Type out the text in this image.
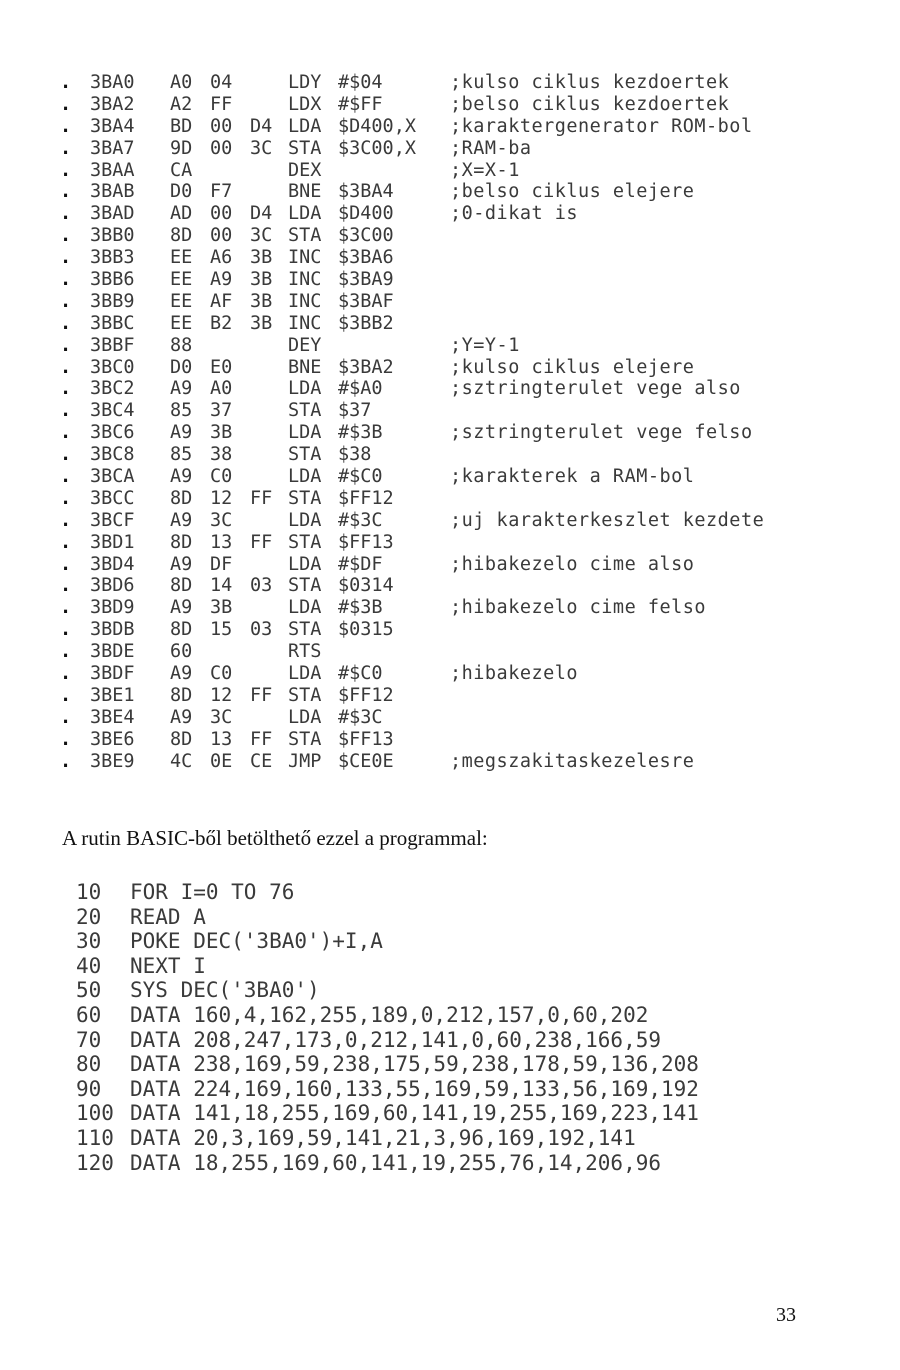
. 3BA0 A0 04	LDY #$04	;kulso ciklus kezdoertek
. 3BA2 A2 FF	LDX #$FF	;belso ciklus kezdoertek
. 3BA4 BD 00 D4 LDA $D400,X ;karaktergenerator ROM-bol
. 3BA7 9D 00 3C STA $3C00,X ;RAM-ba
. 3BAA CA	DEX	;X=X-1
. 3BAB D0 F7	BNE $3BA4	;belso ciklus elejere
. 3BAD AD 00 D4 LDA $D400	;0-dikat is
. 3BB0 8D 00 3C STA $3C00
. 3BB3 EE A6 3B INC $3BA6
. 3BB6 EE A9 3B INC $3BA9
. 3BB9 EE AF 3B INC $3BAF
. 3BBC EE B2 3B INC $3BB2
. 3BBF 88	DEY	;Y=Y-1
. 3BC0 D0 E0	BNE $3BA2	;kulso ciklus elejere
. 3BC2 A9 A0	LDA #$A0	;sztringterulet vege also
. 3BC4 85 37	STA $37
. 3BC6 A9 3B	LDA #$3B	;sztringterulet vege felso
. 3BC8 85 38	STA $38
. 3BCA A9 C0	LDA #$C0	;karakterek a RAM-bol
. 3BCC 8D 12 FF STA $FF12
. 3BCF A9 3C	LDA #$3C	;uj karakterkeszlet kezdete
. 3BD1 8D 13 FF STA $FF13
. 3BD4 A9 DF	LDA #$DF	;hibakezelo cime also
. 3BD6 8D 14 03 STA $0314
. 3BD9 A9 3B	LDA #$3B	;hibakezelo cime felso
. 3BDB 8D 15 03 STA $0315
. 3BDE 60	RTS
. 3BDF A9 C0	LDA #$C0	;hibakezelo
. 3BE1 8D 12 FF STA $FF12
. 3BE4 A9 3C	LDA #$3C
. 3BE6 8D 13 FF STA $FF13
. 3BE9 4C 0E CE JMP $CE0E	;megszakitaskezelesre
A rutin BASIC-ből betölthető ezzel a programmal:
10 FOR I=0 TO 76
20 READ A
30 POKE DEC('3BA0')+I,A
40 NEXT I
50 SYS DEC('3BA0')
60 DATA 160,4,162,255,189,0,212,157,0,60,202
70 DATA 208,247,173,0,212,141,0,60,238,166,59
80 DATA 238,169,59,238,175,59,238,178,59,136,208
90 DATA 224,169,160,133,55,169,59,133,56,169,192
100 DATA 141,18,255,169,60,141,19,255,169,223,141
110 DATA 20,3,169,59,141,21,3,96,169,192,141
120 DATA 18,255,169,60,141,19,255,76,14,206,96
33
